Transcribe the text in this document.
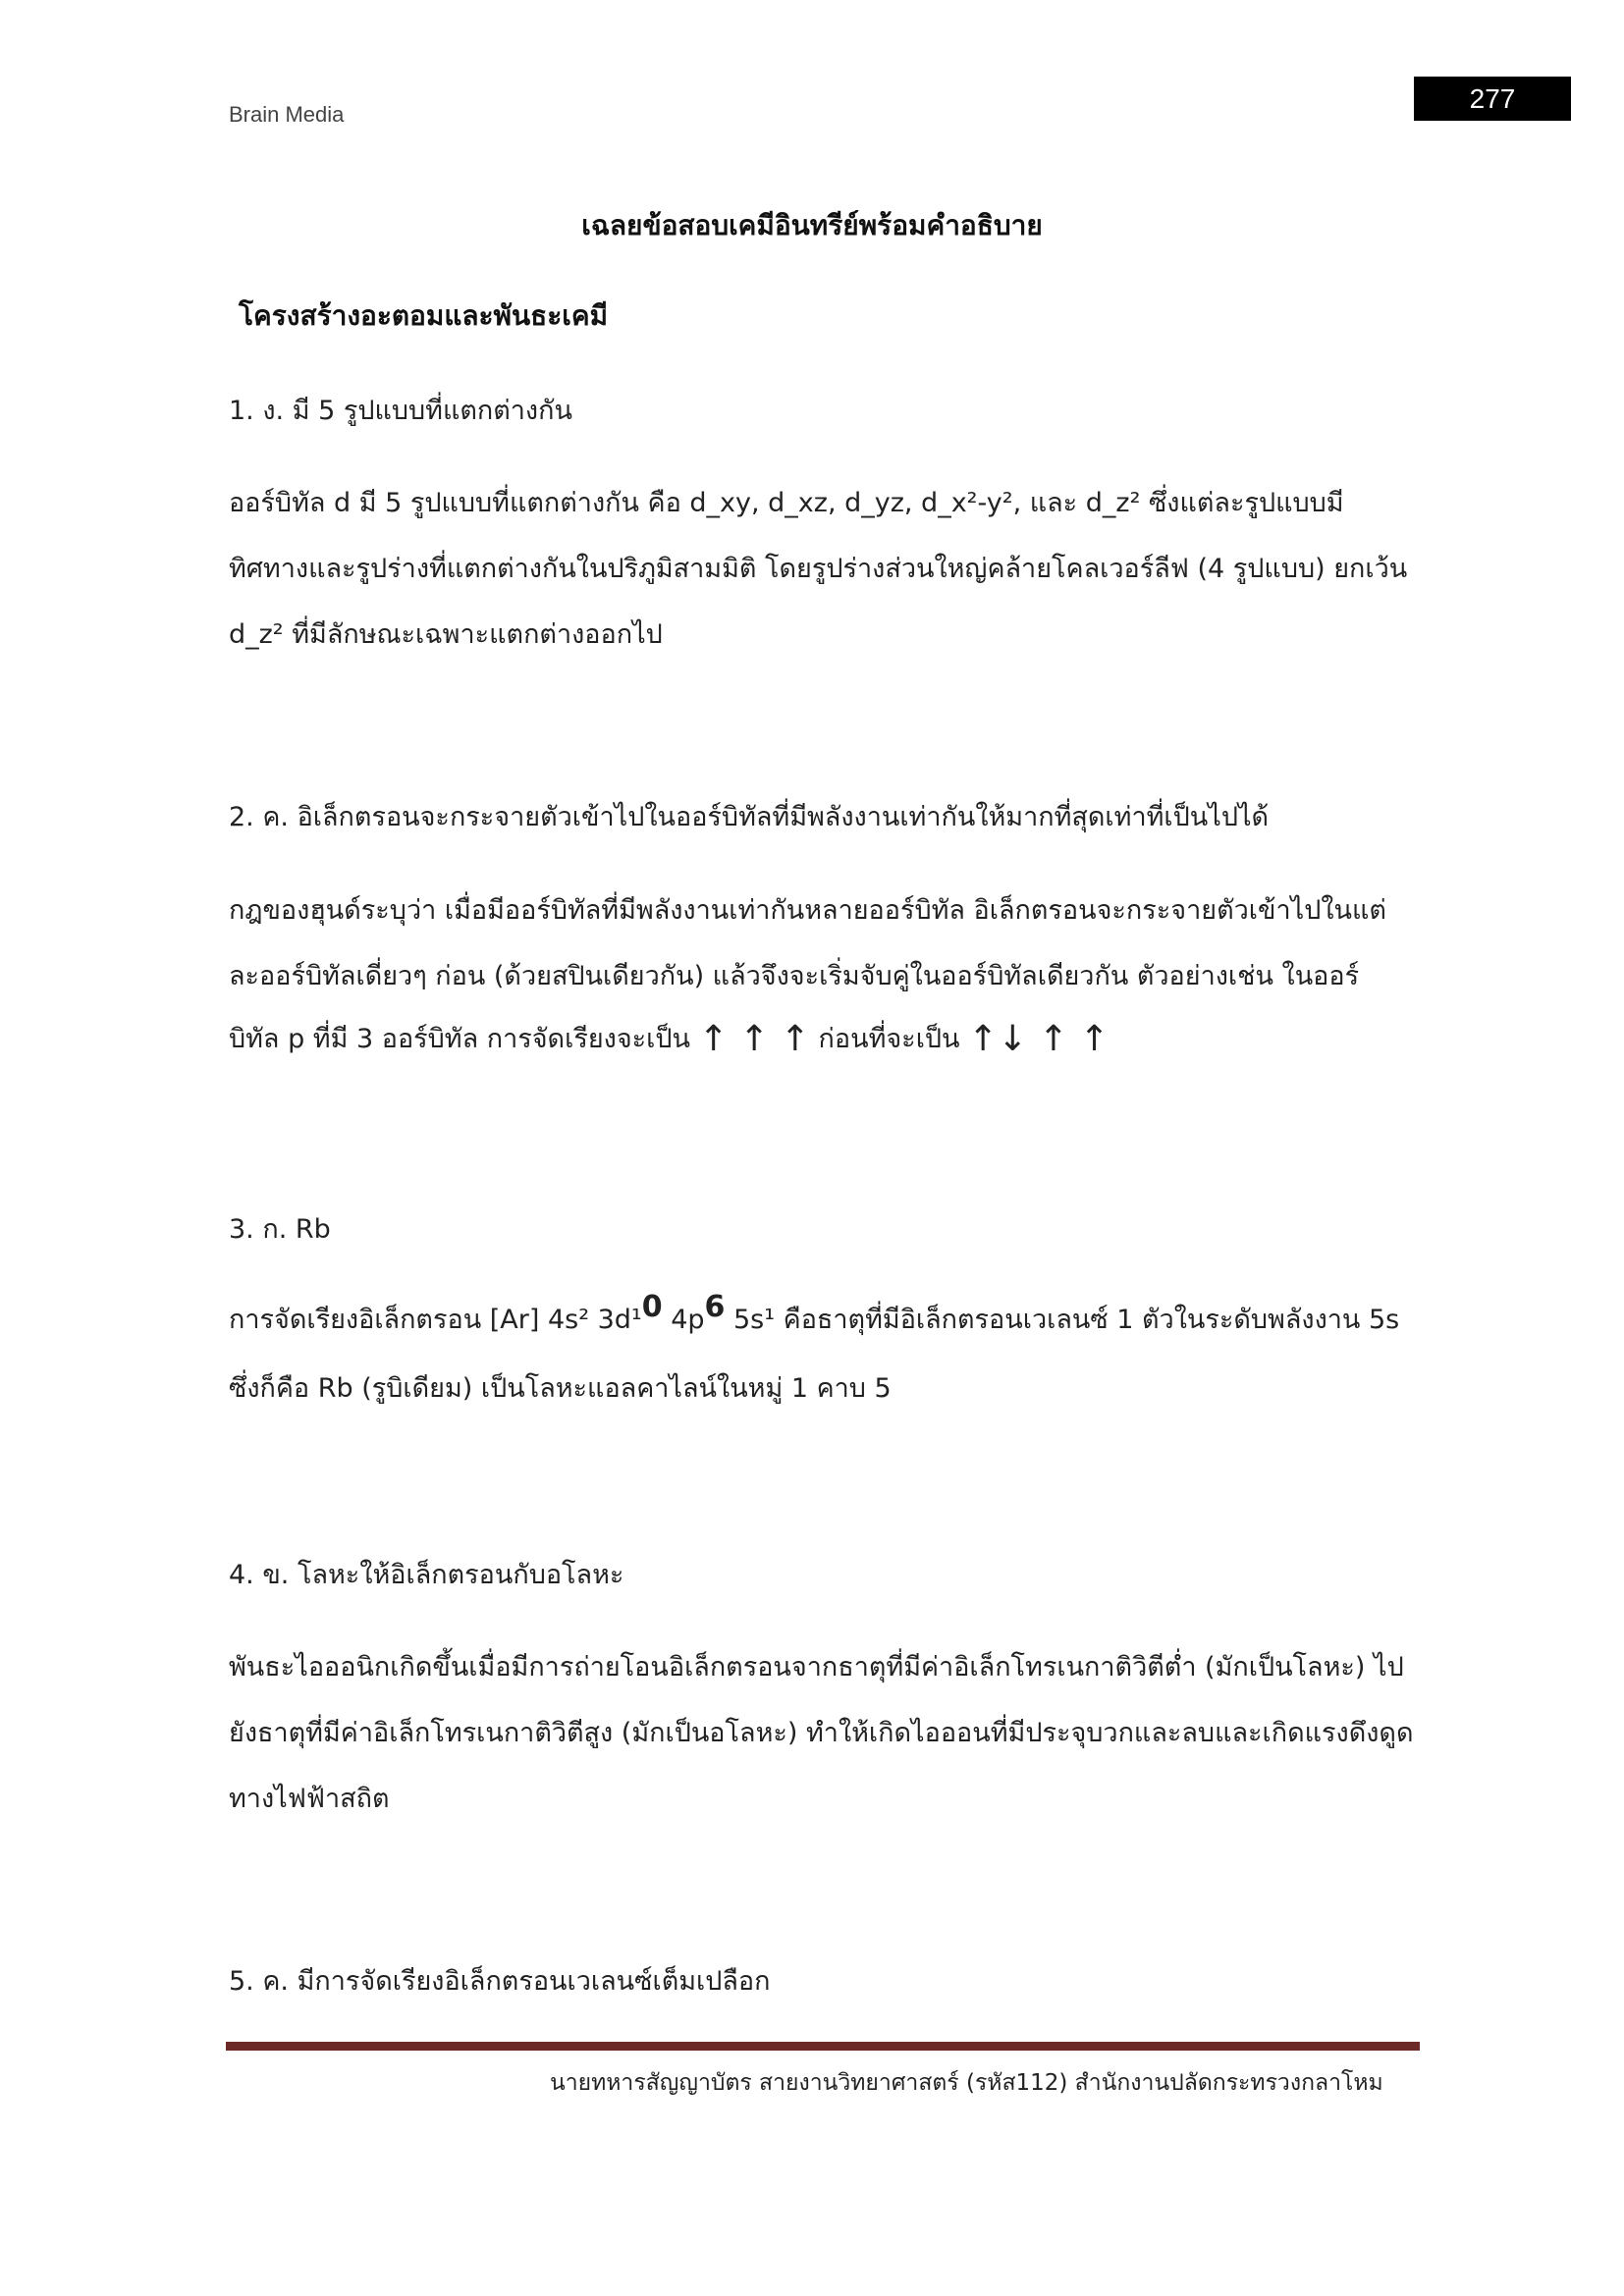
Brain Media
277
เฉลยข้อสอบเคมีอินทรีย์พร้อมคำอธิบาย
โครงสร้างอะตอมและพันธะเคมี
1. ง. มี 5 รูปแบบที่แตกต่างกัน
ออร์บิทัล d มี 5 รูปแบบที่แตกต่างกัน คือ d_xy, d_xz, d_yz, d_x²-y², และ d_z² ซึ่งแต่ละรูปแบบมี
ทิศทางและรูปร่างที่แตกต่างกันในปริภูมิสามมิติ โดยรูปร่างส่วนใหญ่คล้ายโคลเวอร์ลีฟ (4 รูปแบบ) ยกเว้น
d_z² ที่มีลักษณะเฉพาะแตกต่างออกไป
2. ค. อิเล็กตรอนจะกระจายตัวเข้าไปในออร์บิทัลที่มีพลังงานเท่ากันให้มากที่สุดเท่าที่เป็นไปได้
กฎของฮุนด์ระบุว่า เมื่อมีออร์บิทัลที่มีพลังงานเท่ากันหลายออร์บิทัล อิเล็กตรอนจะกระจายตัวเข้าไปในแต่
ละออร์บิทัลเดี่ยวๆ ก่อน (ด้วยสปินเดียวกัน) แล้วจึงจะเริ่มจับคู่ในออร์บิทัลเดียวกัน ตัวอย่างเช่น ในออร์
บิทัล p ที่มี 3 ออร์บิทัล การจัดเรียงจะเป็น ↑ ↑ ↑ ก่อนที่จะเป็น ↑↓ ↑ ↑
3. ก. Rb
การจัดเรียงอิเล็กตรอน [Ar] 4s² 3d¹0 4p6 5s¹ คือธาตุที่มีอิเล็กตรอนเวเลนซ์ 1 ตัวในระดับพลังงาน 5s
ซึ่งก็คือ Rb (รูบิเดียม) เป็นโลหะแอลคาไลน์ในหมู่ 1 คาบ 5
4. ข. โลหะให้อิเล็กตรอนกับอโลหะ
พันธะไอออนิกเกิดขึ้นเมื่อมีการถ่ายโอนอิเล็กตรอนจากธาตุที่มีค่าอิเล็กโทรเนกาติวิตีต่ำ (มักเป็นโลหะ) ไป
ยังธาตุที่มีค่าอิเล็กโทรเนกาติวิตีสูง (มักเป็นอโลหะ) ทำให้เกิดไอออนที่มีประจุบวกและลบและเกิดแรงดึงดูด
ทางไฟฟ้าสถิต
5. ค. มีการจัดเรียงอิเล็กตรอนเวเลนซ์เต็มเปลือก
นายทหารสัญญาบัตร สายงานวิทยาศาสตร์ (รหัส112) สำนักงานปลัดกระทรวงกลาโหม
